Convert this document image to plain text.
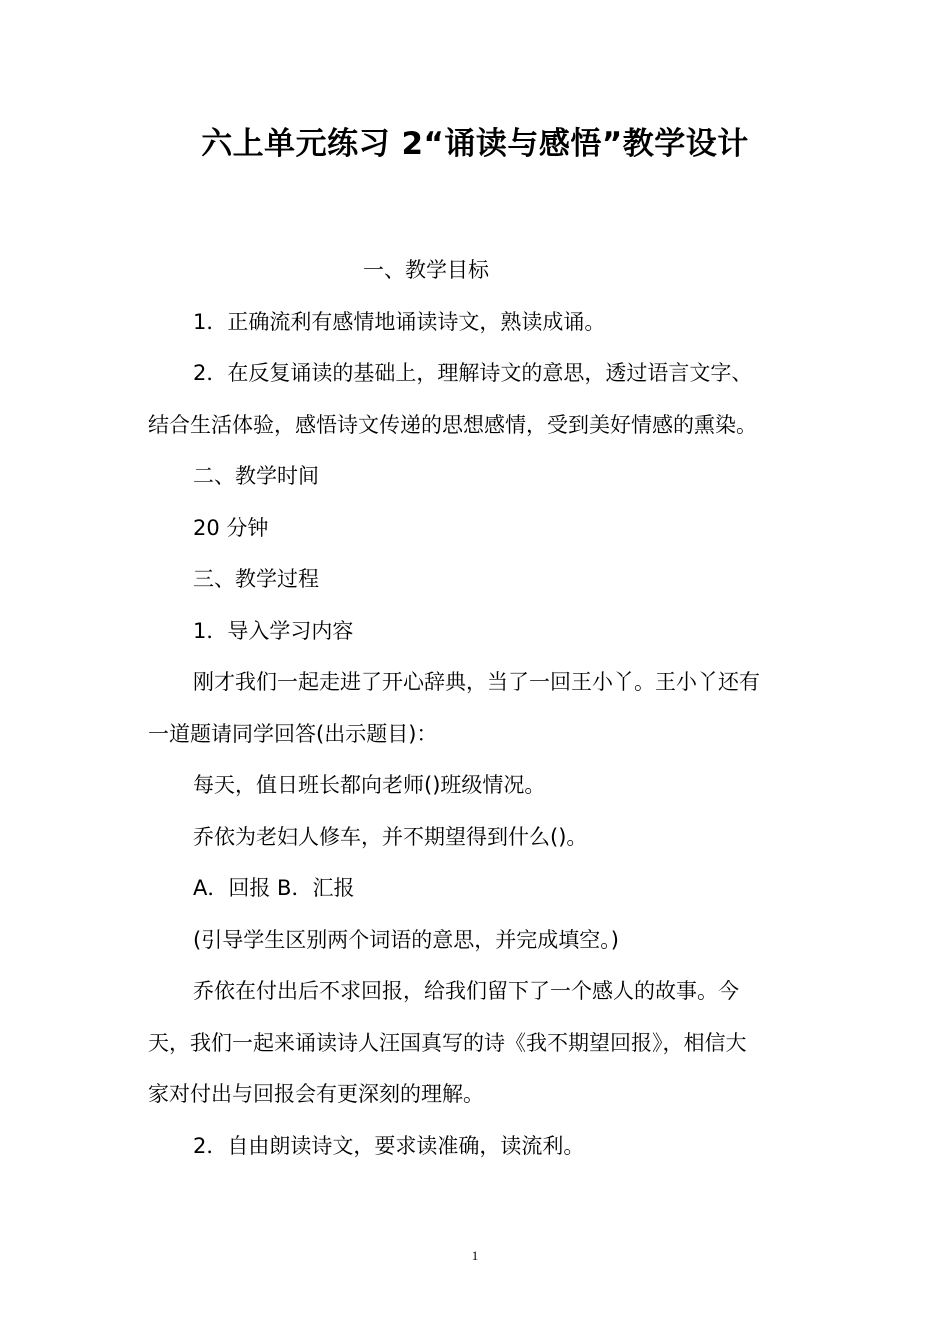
六上单元练习 2“诵读与感悟”教学设计
一、教学目标
1．正确流利有感情地诵读诗文，熟读成诵。
2．在反复诵读的基础上，理解诗文的意思，透过语言文字、
结合生活体验，感悟诗文传递的思想感情，受到美好情感的熏染。
二、教学时间
20 分钟
三、教学过程
1．导入学习内容
刚才我们一起走进了开心辞典，当了一回王小丫。王小丫还有
一道题请同学回答(出示题目)：
每天，值日班长都向老师()班级情况。
乔依为老妇人修车，并不期望得到什么()。
A．回报 B．汇报
(引导学生区别两个词语的意思，并完成填空。)
乔依在付出后不求回报，给我们留下了一个感人的故事。今
天，我们一起来诵读诗人汪国真写的诗《我不期望回报》，相信大
家对付出与回报会有更深刻的理解。
2．自由朗读诗文，要求读准确，读流利。
1
